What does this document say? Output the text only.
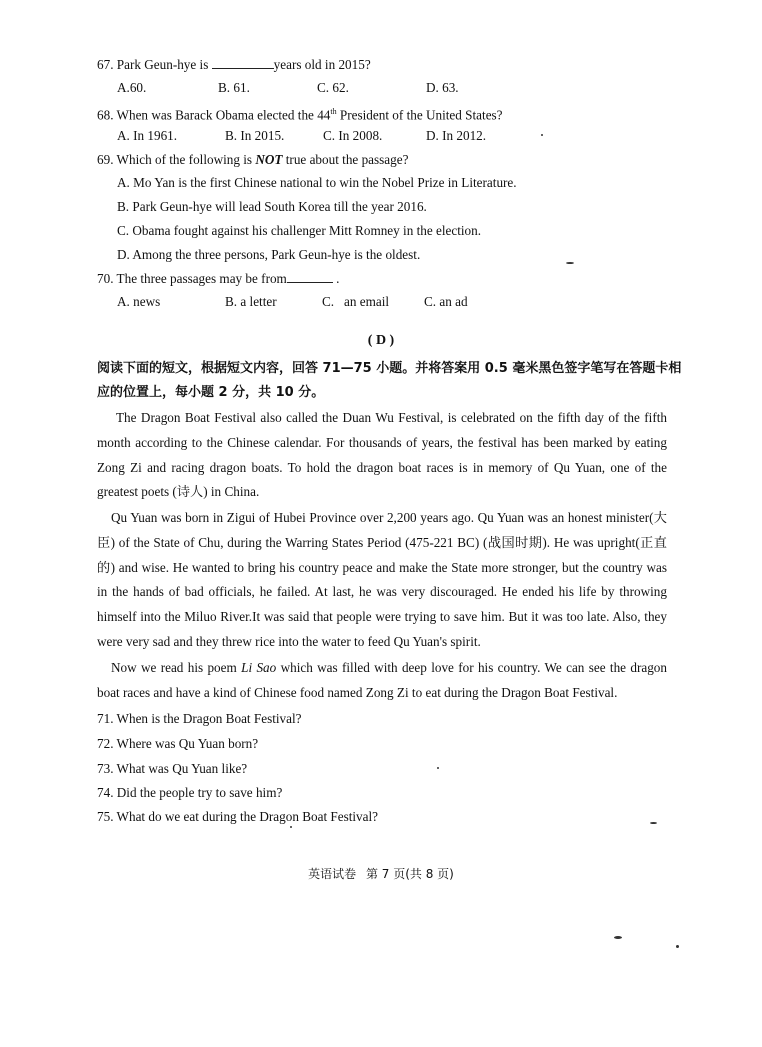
67. Park Geun-hye is	years old in 2015?
A.60.	B. 61.	C. 62.	D. 63.
68. When was Barack Obama elected the 44th President of the United States?
A. In 1961.	B. In 2015.	C. In 2008.	D. In 2012.
69. Which of the following is NOT true about the passage?
A. Mo Yan is the first Chinese national to win the Nobel Prize in Literature.
B. Park Geun-hye will lead South Korea till the year 2016.
C. Obama fought against his challenger Mitt Romney in the election.
D. Among the three persons, Park Geun-hye is the oldest.
70. The three passages may be from	.
A. news	B. a letter	C.   an email	C. an ad
( D )
阅读下面的短文，根据短文内容，回答 71—75 小题。并将答案用 0.5 毫米黑色签字笔写在答题卡相
应的位置上，每小题 2 分，共 10 分。
The Dragon Boat Festival also called the Duan Wu Festival, is celebrated on the fifth day of the fifth month according to the Chinese calendar. For thousands of years, the festival has been marked by eating Zong Zi and racing dragon boats. To hold the dragon boat races is in memory of Qu Yuan, one of the greatest poets (诗人) in China.
Qu Yuan was born in Zigui of Hubei Province over 2,200 years ago. Qu Yuan was an honest minister(大臣) of the State of Chu, during the Warring States Period (475-221 BC) (战国时期). He was upright(正直的) and wise. He wanted to bring his country peace and make the State more stronger, but the country was in the hands of bad officials, he failed. At last, he was very discouraged. He ended his life by throwing himself into the Miluo River.It was said that people were trying to save him. But it was too late. Also, they were very sad and they threw rice into the water to feed Qu Yuan's spirit.
Now we read his poem Li Sao which was filled with deep love for his country. We can see the dragon boat races and have a kind of Chinese food named Zong Zi to eat during the Dragon Boat Festival.
71. When is the Dragon Boat Festival?
72. Where was Qu Yuan born?
73. What was Qu Yuan like?
74. Did the people try to save him?
75. What do we eat during the Dragon Boat Festival?
英语试卷 第 7 页(共 8 页)
